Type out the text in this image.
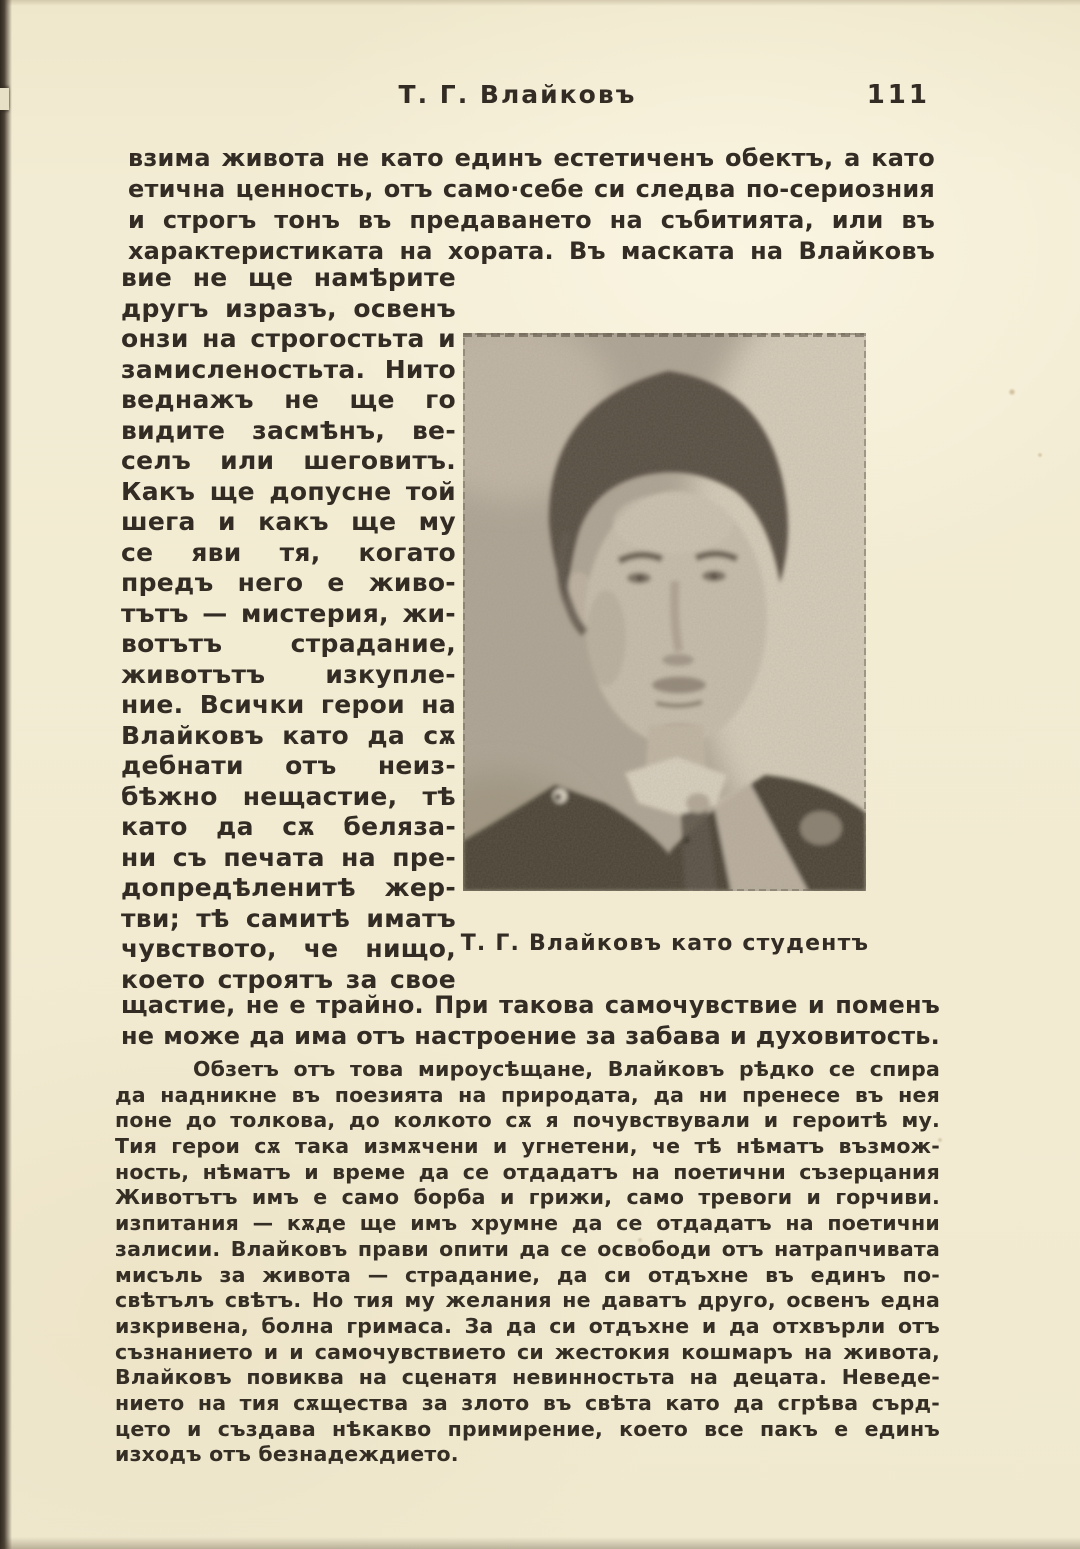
Т. Г. Влайковъ	111
взима живота не като единъ естетиченъ обектъ, а като
етична ценность, отъ само·себе си следва по-сериозния
и строгъ тонъ въ предаването на събитията, или въ
характеристиката на хората. Въ маската на Влайковъ
вие не ще намѣрите
другъ изразъ, освенъ
онзи на строгостьта и
замисленостьта. Нито
веднажъ не ще го
видите засмѣнъ, ве-
селъ или шеговитъ.
Какъ ще допусне той
шега и какъ ще му
се яви тя, когато
предъ него е живо-
тътъ — мистерия, жи-
вотътъ страдание,
животътъ изкупле-
ние. Всички герои на
Влайковъ като да сѫ
дебнати отъ неиз-
бѣжно нещастие, тѣ
като да сѫ беляза-
ни съ печата на пре-
допредѣленитѣ жер-
тви; тѣ самитѣ иматъ
чувството, че нищо,
което строятъ за свое
Т. Г. Влайковъ като студентъ
щастие, не е трайно. При такова самочувствие и поменъ
не може да има отъ настроение за забава и духовитость.
Обзетъ отъ това мироусѣщане, Влайковъ рѣдко се спира
да надникне въ поезията на природата, да ни пренесе въ нея
поне до толкова, до колкото сѫ я почувствували и героитѣ му.
Тия герои сѫ така измѫчени и угнетени, че тѣ нѣматъ възмож-
ность, нѣматъ и време да се отдадатъ на поетични съзерцания
Животътъ имъ е само борба и грижи, само тревоги и горчиви.
изпитания — кѫде ще имъ хрумне да се отдадатъ на поетични
залисии. Влайковъ прави опити да се освободи отъ натрапчивата
мисъль за живота — страдание, да си отдъхне въ единъ по-
свѣтълъ свѣтъ. Но тия му желания не даватъ друго, освенъ една
изкривена, болна гримаса. За да си отдъхне и да отхвърли отъ
съзнанието и и самочувствието си жестокия кошмаръ на живота,
Влайковъ повиква на сценатя невинностьта на децата. Неведе-
нието на тия сѫщества за злото въ свѣта като да сгрѣва сърд-
цето и създава нѣкакво примирение, което все пакъ е единъ
изходъ отъ безнадеждието.
